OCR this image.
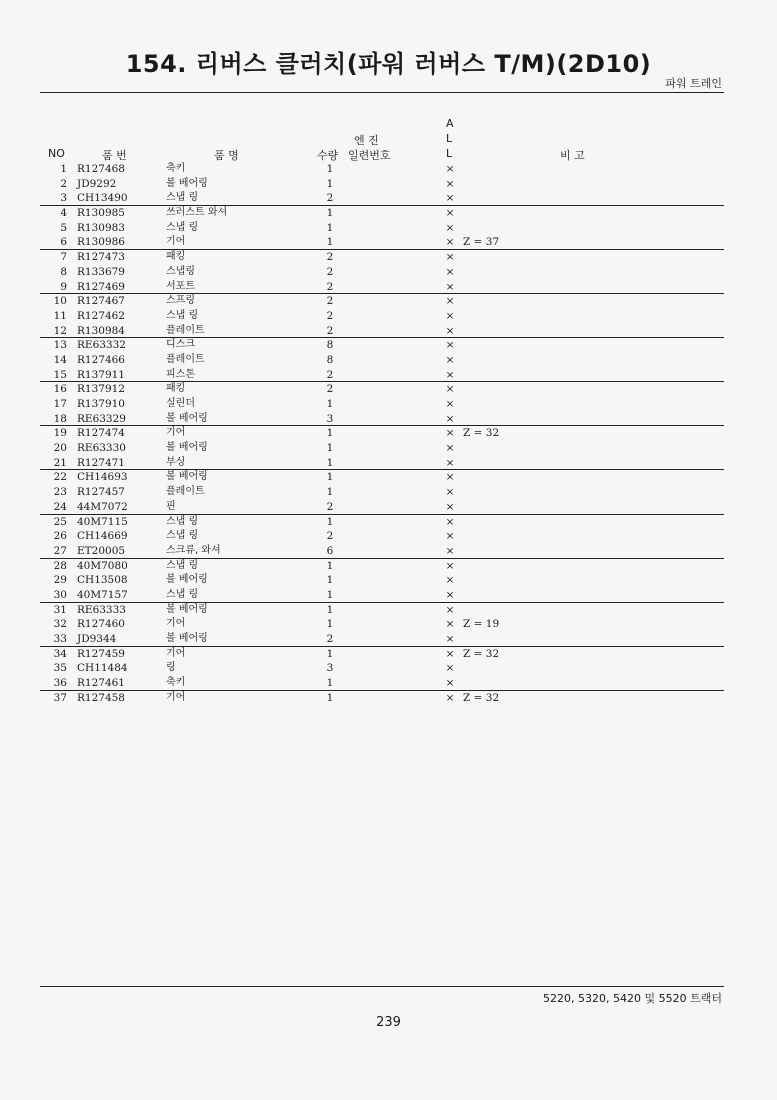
154. 리버스 클러치(파워 러버스 T/M)(2D10)
파워 트레인
NO	품 번	품 명	수량
엔 진
일련번호
A
L
L	비 고
1 R127468	축키	1	×
2 JD9292	볼 베어링	1	×
3 CH13490	스냅 링	2	×
4 R130985	쓰러스트 와셔	1	×
5 R130983	스냅 링	1	×
6 R130986	기어	1	× Z = 37
7 R127473	패킹	2	×
8 R133679	스냅링	2	×
9 R127469	서포트	2	×
10 R127467	스프링	2	×
11 R127462	스냅 링	2	×
12 R130984	플레이트	2	×
13 RE63332	디스크	8	×
14 R127466	플레이트	8	×
15 R137911	피스톤	2	×
16 R137912	패킹	2	×
17 R137910	실린더	1	×
18 RE63329	볼 베어링	3	×
19 R127474	기어	1	× Z = 32
20 RE63330	볼 베어링	1	×
21 R127471	부싱	1	×
22 CH14693	볼 베어링	1	×
23 R127457	플레이트	1	×
24 44M7072	핀	2	×
25 40M7115	스냅 링	1	×
26 CH14669	스냅 링	2	×
27 ET20005	스크류, 와셔	6	×
28 40M7080	스냅 링	1	×
29 CH13508	볼 베어링	1	×
30 40M7157	스냅 링	1	×
31 RE63333	볼 베어링	1	×
32 R127460	기어	1	× Z = 19
33 JD9344	볼 베어링	2	×
34 R127459	기어	1	× Z = 32
35 CH11484	링	3	×
36 R127461	축키	1	×
37 R127458	기어	1	× Z = 32
5220, 5320, 5420 및 5520 트랙터
239
